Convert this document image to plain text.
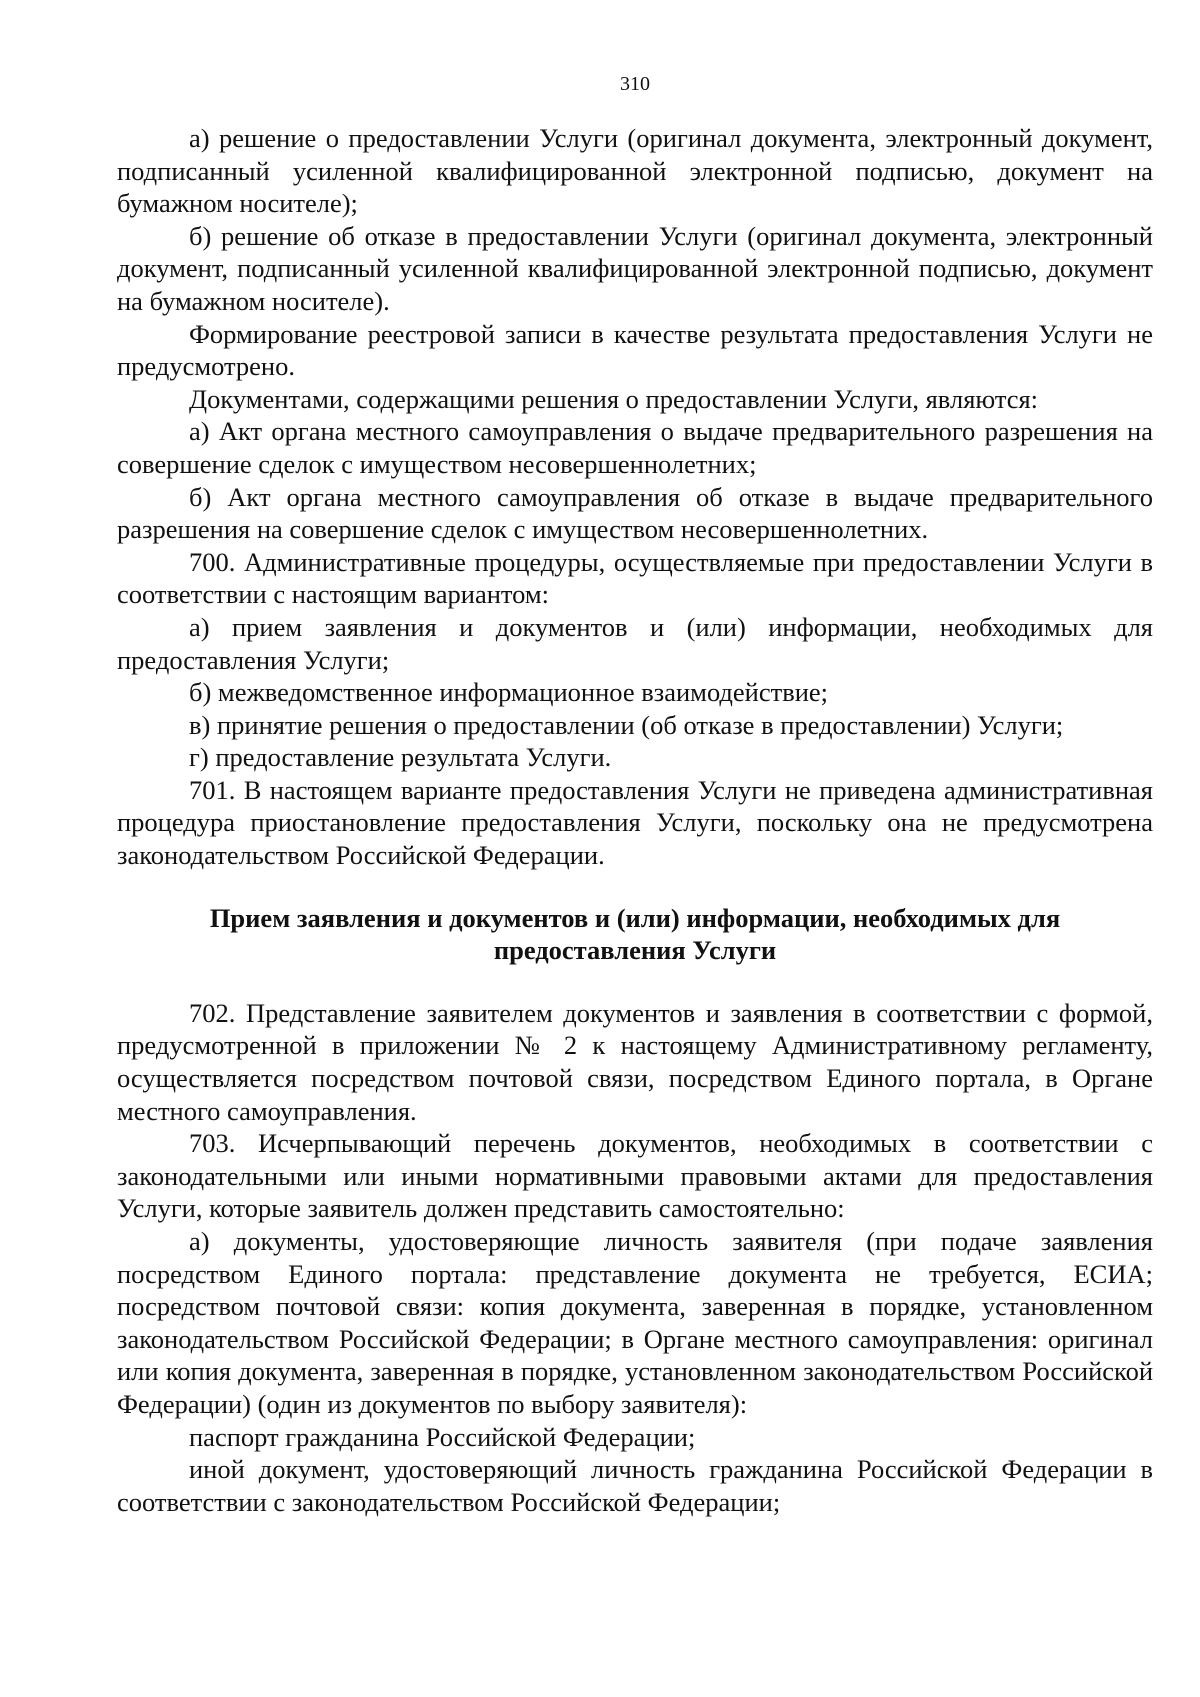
310

а) решение о предоставлении Услуги (оригинал документа, электронный документ, подписанный усиленной квалифицированной электронной подписью, документ на бумажном носителе);

б) решение об отказе в предоставлении Услуги (оригинал документа, электронный документ, подписанный усиленной квалифицированной электронной подписью, документ на бумажном носителе).

Формирование реестровой записи в качестве результата предоставления Услуги не предусмотрено.

Документами, содержащими решения о предоставлении Услуги, являются:

а) Акт органа местного самоуправления о выдаче предварительного разрешения на совершение сделок с имуществом несовершеннолетних;

б) Акт органа местного самоуправления об отказе в выдаче предварительного разрешения на совершение сделок с имуществом несовершеннолетних.

700. Административные процедуры, осуществляемые при предоставлении Услуги в соответствии с настоящим вариантом:

а) прием заявления и документов и (или) информации, необходимых для предоставления Услуги;

б) межведомственное информационное взаимодействие;

в) принятие решения о предоставлении (об отказе в предоставлении) Услуги;

г) предоставление результата Услуги.

701. В настоящем варианте предоставления Услуги не приведена административная процедура приостановление предоставления Услуги, поскольку она не предусмотрена законодательством Российской Федерации.

Прием заявления и документов и (или) информации, необходимых для предоставления Услуги

702. Представление заявителем документов и заявления в соответствии с формой, предусмотренной в приложении № 2 к настоящему Административному регламенту, осуществляется посредством почтовой связи, посредством Единого портала, в Органе местного самоуправления.

703. Исчерпывающий перечень документов, необходимых в соответствии с законодательными или иными нормативными правовыми актами для предоставления Услуги, которые заявитель должен представить самостоятельно:

а) документы, удостоверяющие личность заявителя (при подаче заявления посредством Единого портала: представление документа не требуется, ЕСИА; посредством почтовой связи: копия документа, заверенная в порядке, установленном законодательством Российской Федерации; в Органе местного самоуправления: оригинал или копия документа, заверенная в порядке, установленном законодательством Российской Федерации) (один из документов по выбору заявителя):

паспорт гражданина Российской Федерации;

иной документ, удостоверяющий личность гражданина Российской Федерации в соответствии с законодательством Российской Федерации;
